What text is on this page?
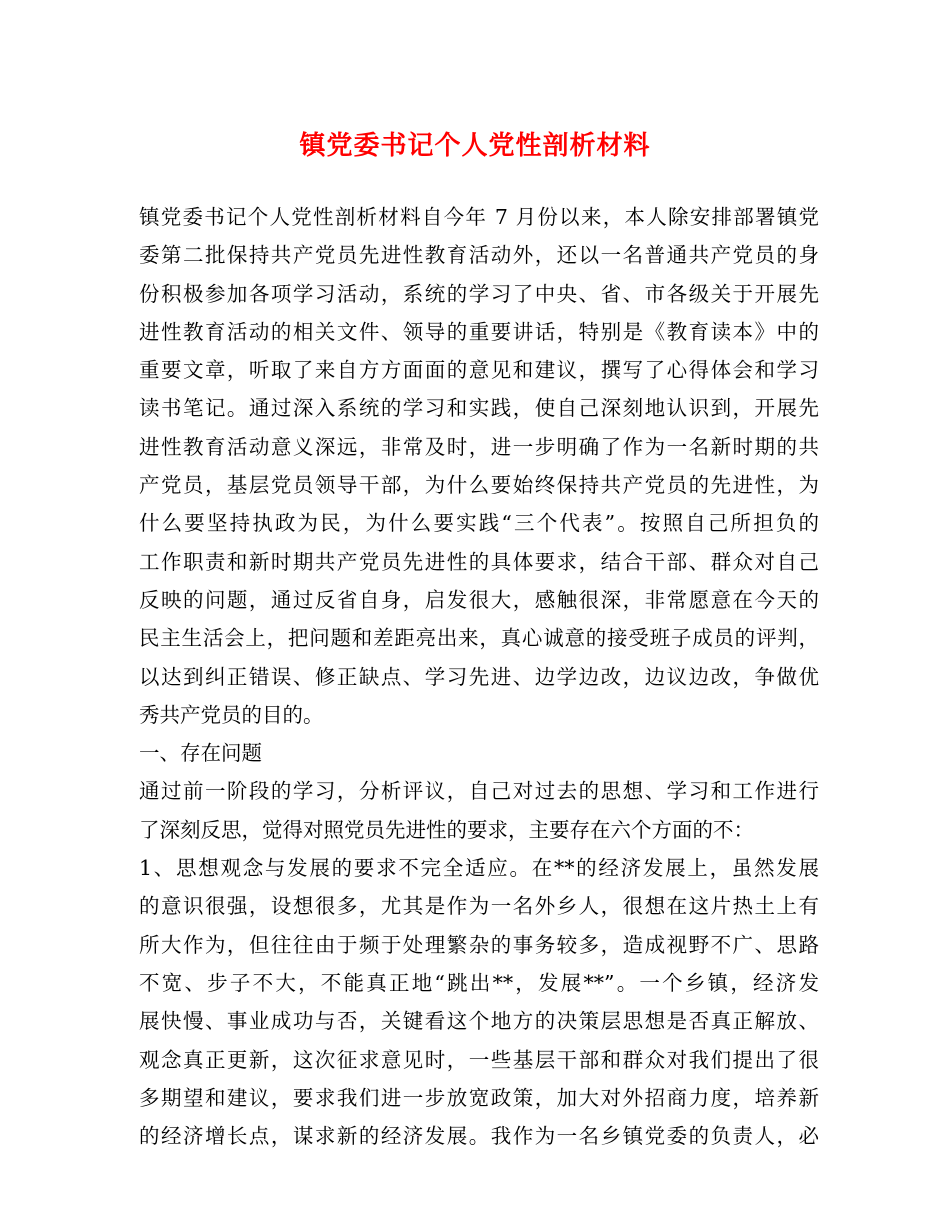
镇党委书记个人党性剖析材料

镇党委书记个人党性剖析材料自今年 7 月份以来，本人除安排部署镇党

委第二批保持共产党员先进性教育活动外，还以一名普通共产党员的身

份积极参加各项学习活动，系统的学习了中央、省、市各级关于开展先

进性教育活动的相关文件、领导的重要讲话，特别是《教育读本》中的

重要文章，听取了来自方方面面的意见和建议，撰写了心得体会和学习

读书笔记。通过深入系统的学习和实践，使自己深刻地认识到，开展先

进性教育活动意义深远，非常及时，进一步明确了作为一名新时期的共

产党员，基层党员领导干部，为什么要始终保持共产党员的先进性，为

什么要坚持执政为民，为什么要实践“三个代表”。按照自己所担负的

工作职责和新时期共产党员先进性的具体要求，结合干部、群众对自己

反映的问题，通过反省自身，启发很大，感触很深，非常愿意在今天的

民主生活会上，把问题和差距亮出来，真心诚意的接受班子成员的评判，

以达到纠正错误、修正缺点、学习先进、边学边改，边议边改，争做优

秀共产党员的目的。

一、存在问题

通过前一阶段的学习，分析评议，自己对过去的思想、学习和工作进行

了深刻反思，觉得对照党员先进性的要求，主要存在六个方面的不：

1、思想观念与发展的要求不完全适应。在**的经济发展上，虽然发展

的意识很强，设想很多，尤其是作为一名外乡人，很想在这片热土上有

所大作为，但往往由于频于处理繁杂的事务较多，造成视野不广、思路

不宽、步子不大，不能真正地“跳出**，发展**”。一个乡镇，经济发

展快慢、事业成功与否，关键看这个地方的决策层思想是否真正解放、

观念真正更新，这次征求意见时，一些基层干部和群众对我们提出了很

多期望和建议，要求我们进一步放宽政策，加大对外招商力度，培养新

的经济增长点，谋求新的经济发展。我作为一名乡镇党委的负责人，必
